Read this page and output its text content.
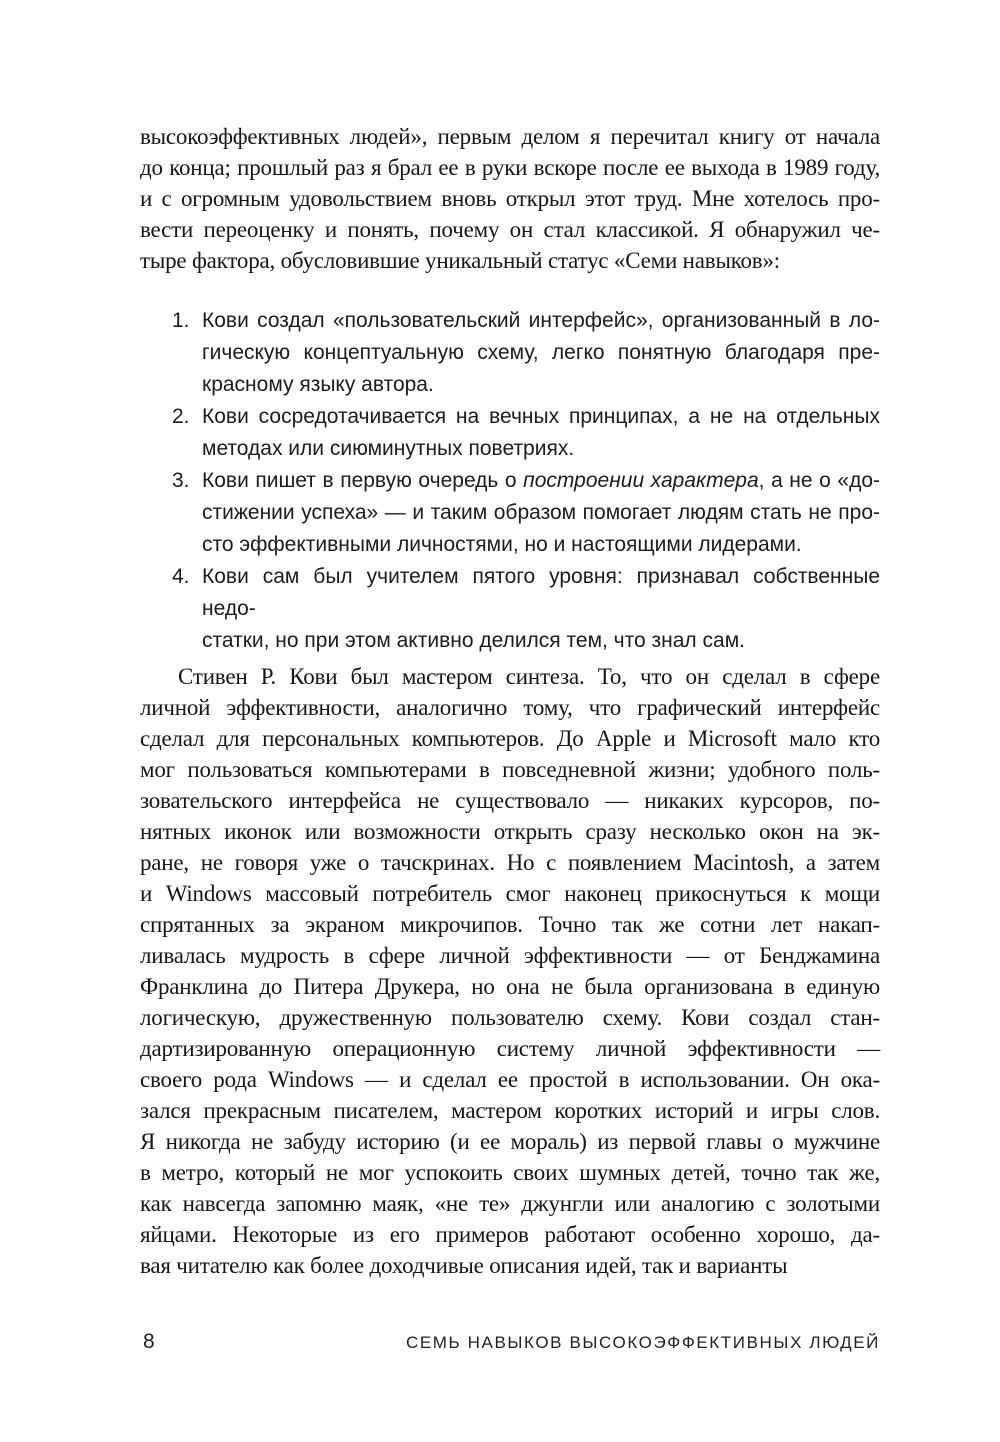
высокоэффективных людей», первым делом я перечитал книгу от начала
до конца; прошлый раз я брал ее в руки вскоре после ее выхода в 1989 году,
и с огромным удовольствием вновь открыл этот труд. Мне хотелось про-
вести переоценку и понять, почему он стал классикой. Я обнаружил че-
тыре фактора, обусловившие уникальный статус «Семи навыков»:
1. Кови создал «пользовательский интерфейс», организованный в ло-
гическую концептуальную схему, легко понятную благодаря пре-
красному языку автора.
2. Кови сосредотачивается на вечных принципах, а не на отдельных
методах или сиюминутных поветриях.
3. Кови пишет в первую очередь о построении характера, а не о «до-
стижении успеха» — и таким образом помогает людям стать не про-
сто эффективными личностями, но и настоящими лидерами.
4. Кови сам был учителем пятого уровня: признавал собственные недо-
статки, но при этом активно делился тем, что знал сам.
Стивен Р. Кови был мастером синтеза. То, что он сделал в сфере
личной эффективности, аналогично тому, что графический интерфейс
сделал для персональных компьютеров. До Apple и Microsoft мало кто
мог пользоваться компьютерами в повседневной жизни; удобного поль-
зовательского интерфейса не существовало — никаких курсоров, по-
нятных иконок или возможности открыть сразу несколько окон на эк-
ране, не говоря уже о тачскринах. Но с появлением Macintosh, а затем
и Windows массовый потребитель смог наконец прикоснуться к мощи
спрятанных за экраном микрочипов. Точно так же сотни лет накап-
ливалась мудрость в сфере личной эффективности — от Бенджамина
Франклина до Питера Друкера, но она не была организована в единую
логическую, дружественную пользователю схему. Кови создал стан-
дартизированную операционную систему личной эффективности —
своего рода Windows — и сделал ее простой в использовании. Он ока-
зался прекрасным писателем, мастером коротких историй и игры слов.
Я никогда не забуду историю (и ее мораль) из первой главы о мужчине
в метро, который не мог успокоить своих шумных детей, точно так же,
как навсегда запомню маяк, «не те» джунгли или аналогию с золотыми
яйцами. Некоторые из его примеров работают особенно хорошо, да-
вая читателю как более доходчивые описания идей, так и варианты
8	СЕМЬ НАВЫКОВ ВЫСОКОЭФФЕКТИВНЫХ ЛЮДЕЙ
